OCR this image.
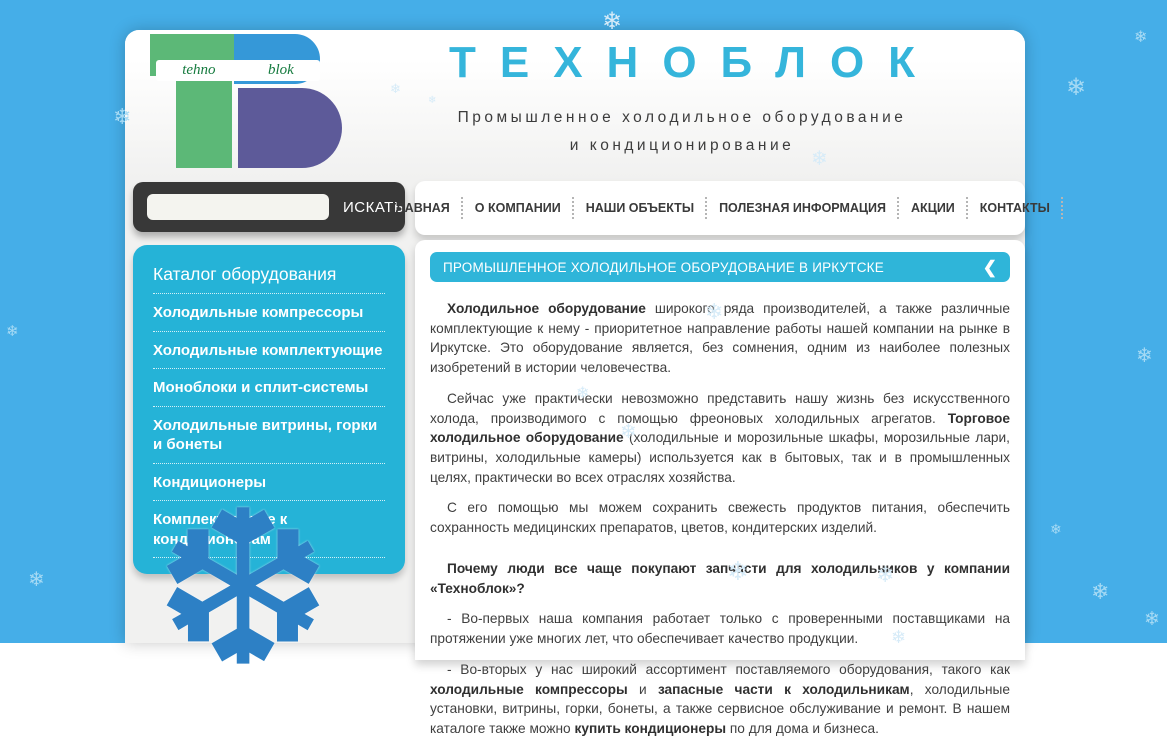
tehno	blok	ТЕХНОБЛОК
Промышленное холодильное оборудование
и кондиционирование
ИСКАТЬ
Каталог оборудования
Холодильные компрессоры
Холодильные комплектующие
Моноблоки и сплит-системы
Холодильные витрины, горки и бонеты
Кондиционеры
Комплектующие к кондиционерам
❆
ГЛАВНАЯ	О КОМПАНИИ	НАШИ ОБЪЕКТЫ	ПОЛЕЗНАЯ ИНФОРМАЦИЯ	АКЦИИ	КОНТАКТЫ
ПРОМЫШЛЕННОЕ ХОЛОДИЛЬНОЕ ОБОРУДОВАНИЕ В ИРКУТСКЕ	❮

Холодильное оборудование широкого ряда производителей, а также различные комплектующие к нему - приоритетное направление работы нашей компании на рынке в Иркутске. Это оборудование является, без сомнения, одним из наиболее полезных изобретений в истории человечества.

Сейчас уже практически невозможно представить нашу жизнь без искусственного холода, производимого с помощью фреоновых холодильных агрегатов. Торговое холодильное оборудование (холодильные и морозильные шкафы, морозильные лари, витрины, холодильные камеры) используется как в бытовых, так и в промышленных целях, практически во всех отраслях хозяйства.

С его помощью мы можем сохранить свежесть продуктов питания, обеспечить сохранность медицинских препаратов, цветов, кондитерских изделий.

Почему люди все чаще покупают запчасти для холодильников у компании «Техноблок»?

- Во-первых наша компания работает только с проверенными поставщиками на протяжении уже многих лет, что обеспечивает качество продукции.

- Во-вторых у нас широкий ассортимент поставляемого оборудования, такого как холодильные компрессоры и запасные части к холодильникам, холодильные установки, витрины, горки, бонеты, а также сервисное обслуживание и ремонт. В нашем каталоге также можно купить кондиционеры по для дома и бизнеса.

❄
❄
❄
❄
❄
❄
❄
❄
❄
❄
❄
❄
❄
❄
❄
❄
❄
❄
❄
